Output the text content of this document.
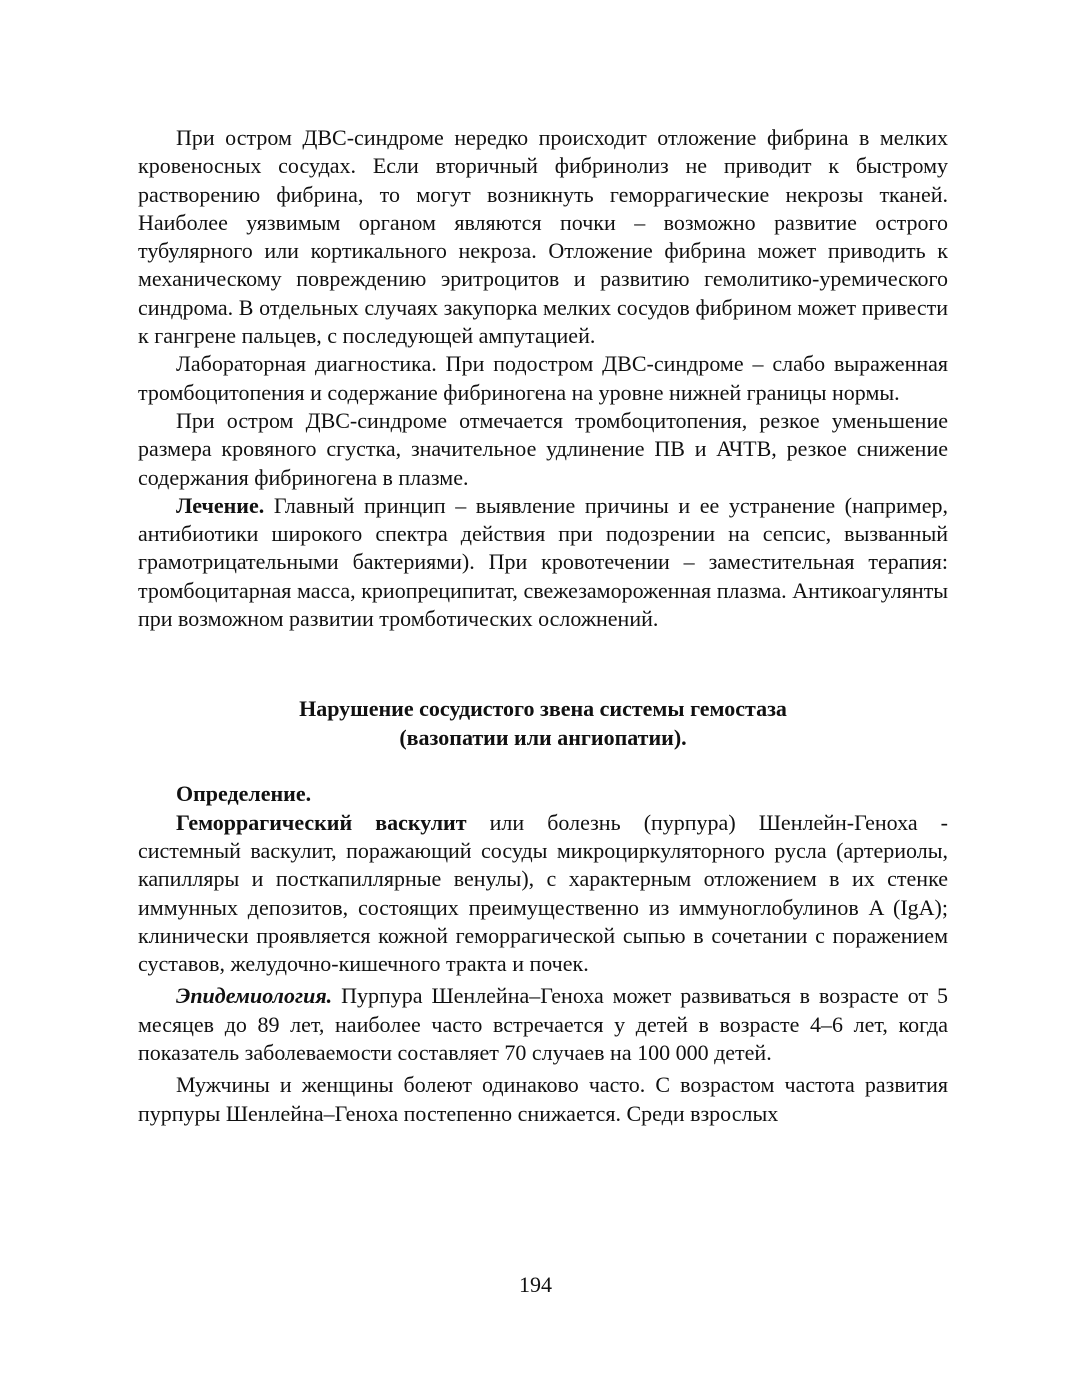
При остром ДВС-синдроме нередко происходит отложение фибрина в мелких кровеносных сосудах. Если вторичный фибринолиз не приводит к быстрому растворению фибрина, то могут возникнуть геморрагические некрозы тканей. Наиболее уязвимым органом являются почки – возможно развитие острого тубулярного или кортикального некроза. Отложение фибрина может приводить к механическому повреждению эритроцитов и развитию гемолитико-уремического синдрома. В отдельных случаях закупорка мелких сосудов фибрином может привести к гангрене пальцев, с последующей ампутацией.

Лабораторная диагностика. При подостром ДВС-синдроме – слабо выраженная тромбоцитопения и содержание фибриногена на уровне нижней границы нормы.

При остром ДВС-синдроме отмечается тромбоцитопения, резкое уменьшение размера кровяного сгустка, значительное удлинение ПВ и АЧТВ, резкое снижение содержания фибриногена в плазме.

Лечение. Главный принцип – выявление причины и ее устранение (например, антибиотики широкого спектра действия при подозрении на сепсис, вызванный грамотрицательными бактериями). При кровотечении – заместительная терапия: тромбоцитарная масса, криопреципитат, свежезамороженная плазма. Антикоагулянты при возможном развитии тромботических осложнений.

Нарушение сосудистого звена системы гемостаза

(вазопатии или ангиопатии).

Определение.

Геморрагический васкулит или болезнь (пурпура) Шенлейн-Геноха - системный васкулит, поражающий сосуды микроциркуляторного русла (артериолы, капилляры и посткапиллярные венулы), с характерным отложением в их стенке иммунных депозитов, состоящих преимущественно из иммуноглобулинов A (IgA); клинически проявляется кожной геморрагической сыпью в сочетании с поражением суставов, желудочно-кишечного тракта и почек.

Эпидемиология. Пурпура Шенлейна–Геноха может развиваться в возрасте от 5 месяцев до 89 лет, наиболее часто встречается у детей в возрасте 4–6 лет, когда показатель заболеваемости составляет 70 случаев на 100 000 детей.

Мужчины и женщины болеют одинаково часто. С возрастом частота развития пурпуры Шенлейна–Геноха постепенно снижается. Среди взрослых

194
